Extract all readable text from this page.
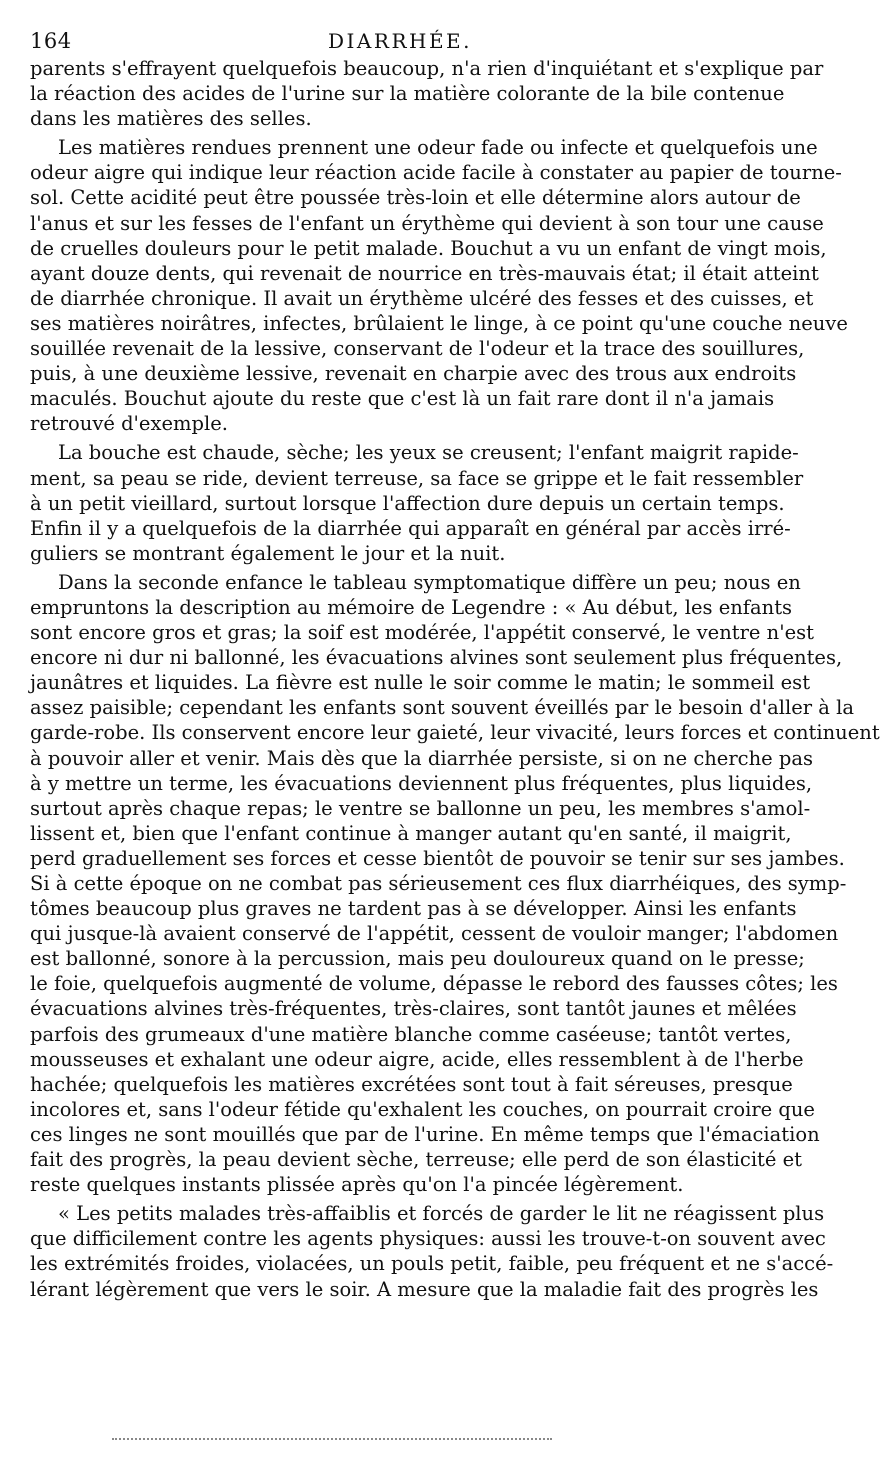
164	DIARRHÉE.
parents s'effrayent quelquefois beaucoup, n'a rien d'inquiétant et s'explique par
la réaction des acides de l'urine sur la matière colorante de la bile contenue
dans les matières des selles.
Les matières rendues prennent une odeur fade ou infecte et quelquefois une
odeur aigre qui indique leur réaction acide facile à constater au papier de tourne-
sol. Cette acidité peut être poussée très-loin et elle détermine alors autour de
l'anus et sur les fesses de l'enfant un érythème qui devient à son tour une cause
de cruelles douleurs pour le petit malade. Bouchut a vu un enfant de vingt mois,
ayant douze dents, qui revenait de nourrice en très-mauvais état; il était atteint
de diarrhée chronique. Il avait un érythème ulcéré des fesses et des cuisses, et
ses matières noirâtres, infectes, brûlaient le linge, à ce point qu'une couche neuve
souillée revenait de la lessive, conservant de l'odeur et la trace des souillures,
puis, à une deuxième lessive, revenait en charpie avec des trous aux endroits
maculés. Bouchut ajoute du reste que c'est là un fait rare dont il n'a jamais
retrouvé d'exemple.
La bouche est chaude, sèche; les yeux se creusent; l'enfant maigrit rapide-
ment, sa peau se ride, devient terreuse, sa face se grippe et le fait ressembler
à un petit vieillard, surtout lorsque l'affection dure depuis un certain temps.
Enfin il y a quelquefois de la diarrhée qui apparaît en général par accès irré-
guliers se montrant également le jour et la nuit.
Dans la seconde enfance le tableau symptomatique diffère un peu; nous en
empruntons la description au mémoire de Legendre : « Au début, les enfants
sont encore gros et gras; la soif est modérée, l'appétit conservé, le ventre n'est
encore ni dur ni ballonné, les évacuations alvines sont seulement plus fréquentes,
jaunâtres et liquides. La fièvre est nulle le soir comme le matin; le sommeil est
assez paisible; cependant les enfants sont souvent éveillés par le besoin d'aller à la
garde-robe. Ils conservent encore leur gaieté, leur vivacité, leurs forces et continuent
à pouvoir aller et venir. Mais dès que la diarrhée persiste, si on ne cherche pas
à y mettre un terme, les évacuations deviennent plus fréquentes, plus liquides,
surtout après chaque repas; le ventre se ballonne un peu, les membres s'amol-
lissent et, bien que l'enfant continue à manger autant qu'en santé, il maigrit,
perd graduellement ses forces et cesse bientôt de pouvoir se tenir sur ses jambes.
Si à cette époque on ne combat pas sérieusement ces flux diarrhéiques, des symp-
tômes beaucoup plus graves ne tardent pas à se développer. Ainsi les enfants
qui jusque-là avaient conservé de l'appétit, cessent de vouloir manger; l'abdomen
est ballonné, sonore à la percussion, mais peu douloureux quand on le presse;
le foie, quelquefois augmenté de volume, dépasse le rebord des fausses côtes; les
évacuations alvines très-fréquentes, très-claires, sont tantôt jaunes et mêlées
parfois des grumeaux d'une matière blanche comme caséeuse; tantôt vertes,
mousseuses et exhalant une odeur aigre, acide, elles ressemblent à de l'herbe
hachée; quelquefois les matières excrétées sont tout à fait séreuses, presque
incolores et, sans l'odeur fétide qu'exhalent les couches, on pourrait croire que
ces linges ne sont mouillés que par de l'urine. En même temps que l'émaciation
fait des progrès, la peau devient sèche, terreuse; elle perd de son élasticité et
reste quelques instants plissée après qu'on l'a pincée légèrement.
« Les petits malades très-affaiblis et forcés de garder le lit ne réagissent plus
que difficilement contre les agents physiques: aussi les trouve-t-on souvent avec
les extrémités froides, violacées, un pouls petit, faible, peu fréquent et ne s'accé-
lérant légèrement que vers le soir. A mesure que la maladie fait des progrès les
